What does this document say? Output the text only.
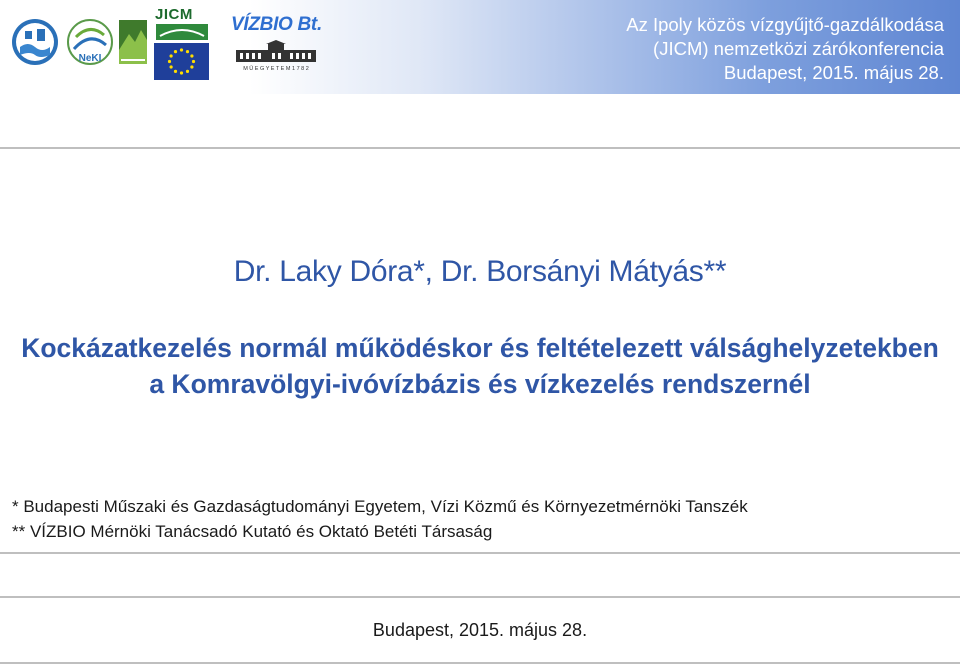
NeKI
JICM VÍZBIO Bt.
M Ű E G Y E T E M 1 7 8 2
Az Ipoly közös vízgyűjtő-gazdálkodása
(JICM) nemzetközi zárókonferencia
Budapest, 2015. május 28.
Dr. Laky Dóra*, Dr. Borsányi Mátyás**
Kockázatkezelés normál működéskor és feltételezett válsághelyzetekben
a Komravölgyi-ivóvízbázis és vízkezelés rendszernél
* Budapesti Műszaki és Gazdaságtudományi Egyetem, Vízi Közmű és Környezetmérnöki Tanszék
** VÍZBIO Mérnöki Tanácsadó Kutató és Oktató Betéti Társaság
Budapest, 2015. május 28.
